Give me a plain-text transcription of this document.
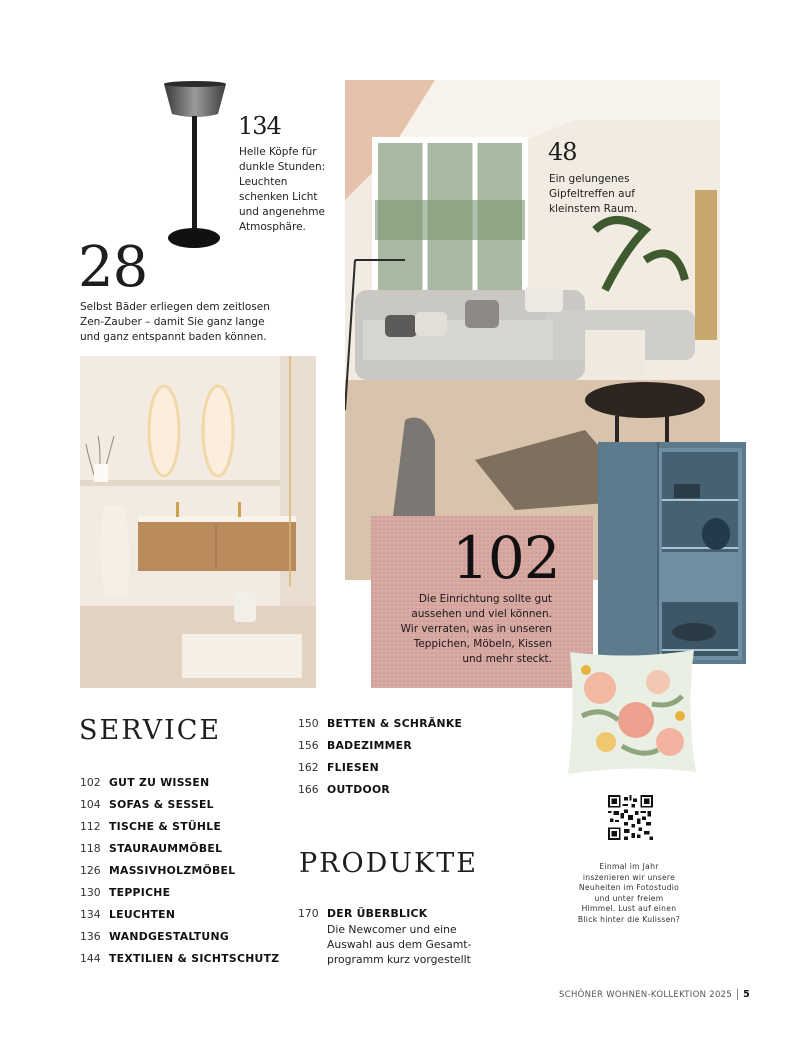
134
Helle Köpfe für
dunkle Stunden:
Leuchten
schenken Licht
und angenehme
Atmosphäre.
28
Selbst Bäder erliegen dem zeitlosen
Zen-Zauber – damit Sie ganz lange
und ganz entspannt baden können.
48
Ein gelungenes
Gipfeltreffen auf
kleinstem Raum.
102
Die Einrichtung sollte gut
aussehen und viel können.
Wir verraten, was in unseren
Teppichen, Möbeln, Kissen
und mehr steckt.
SERVICE
102 GUT ZU WISSEN
104 SOFAS & SESSEL
112 TISCHE & STÜHLE
118 STAURAUMMÖBEL
126 MASSIVHOLZMÖBEL
130 TEPPICHE
134 LEUCHTEN
136 WANDGESTALTUNG
144 TEXTILIEN & SICHTSCHUTZ
150 BETTEN & SCHRÄNKE
156 BADEZIMMER
162 FLIESEN
166 OUTDOOR
PRODUKTE
170 DER ÜBERBLICK
Die Newcomer und eine
Auswahl aus dem Gesamt-
programm kurz vorgestellt
Einmal im Jahr
inszenieren wir unsere
Neuheiten im Fotostudio
und unter freiem
Himmel. Lust auf einen
Blick hinter die Kulissen?
SCHÖNER WOHNEN-KOLLEKTION 2025 5
